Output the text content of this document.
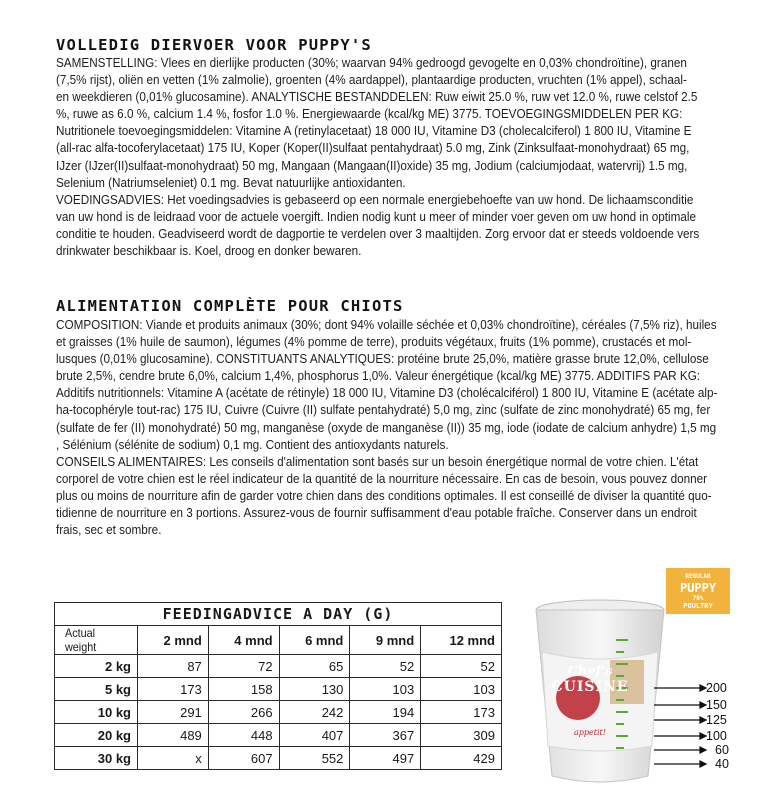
VOLLEDIG DIERVOER VOOR PUPPY'S

SAMENSTELLING: Vlees en dierlijke producten (30%; waarvan 94% gedroogd gevogelte en 0,03% chondroïtine), granen

(7,5% rijst), oliën en vetten (1% zalmolie), groenten (4% aardappel), plantaardige producten, vruchten (1% appel), schaal-

en weekdieren (0,01% glucosamine). ANALYTISCHE BESTANDDELEN: Ruw eiwit 25.0 %, ruw vet 12.0 %, ruwe celstof 2.5

%, ruwe as 6.0 %, calcium 1.4 %, fosfor 1.0 %. Energiewaarde (kcal/kg ME) 3775. TOEVOEGINGSMIDDELEN PER KG:

Nutritionele toevoegingsmiddelen: Vitamine A (retinylacetaat) 18 000 IU, Vitamine D3 (cholecalciferol) 1 800 IU, Vitamine E

(all-rac alfa-tocoferylacetaat) 175 IU, Koper (Koper(II)sulfaat pentahydraat) 5.0 mg, Zink (Zinksulfaat-monohydraat) 65 mg,

IJzer (IJzer(II)sulfaat-monohydraat) 50 mg, Mangaan (Mangaan(II)oxide) 35 mg, Jodium (calciumjodaat, watervrij) 1.5 mg,

Selenium (Natriumseleniet) 0.1 mg. Bevat natuurlijke antioxidanten.

VOEDINGSADVIES: Het voedingsadvies is gebaseerd op een normale energiebehoefte van uw hond. De lichaamsconditie

van uw hond is de leidraad voor de actuele voergift. Indien nodig kunt u meer of minder voer geven om uw hond in optimale

conditie te houden. Geadviseerd wordt de dagportie te verdelen over 3 maaltijden. Zorg ervoor dat er steeds voldoende vers

drinkwater beschikbaar is. Koel, droog en donker bewaren.

ALIMENTATION COMPLÈTE POUR CHIOTS

COMPOSITION: Viande et produits animaux (30%; dont 94% volaille séchée et 0,03% chondroïtine), céréales (7,5% riz), huiles

et graisses (1% huile de saumon), légumes (4% pomme de terre), produits végétaux, fruits (1% pomme), crustacés et mol-

lusques (0,01% glucosamine). CONSTITUANTS ANALYTIQUES: protéine brute 25,0%, matière grasse brute 12,0%, cellulose

brute 2,5%, cendre brute 6,0%, calcium 1,4%, phosphorus 1,0%. Valeur énergétique (kcal/kg ME) 3775. ADDITIFS PAR KG:

Additifs nutritionnels: Vitamine A (acétate de rétinyle) 18 000 IU, Vitamine D3 (cholécalciférol) 1 800 IU, Vitamine E (acétate alp-

ha-tocophéryle tout-rac) 175 IU, Cuivre (Cuivre (II) sulfate pentahydraté) 5,0 mg, zinc (sulfate de zinc monohydraté) 65 mg, fer

(sulfate de fer (II) monohydraté) 50 mg, manganèse (oxyde de manganèse (II)) 35 mg, iode (iodate de calcium anhydre) 1,5 mg

, Sélénium (sélénite de sodium) 0,1 mg. Contient des antioxydants naturels.

CONSEILS ALIMENTAIRES: Les conseils d'alimentation sont basés sur un besoin énergétique normal de votre chien. L'état

corporel de votre chien est le réel indicateur de la quantité de la nourriture nécessaire. En cas de besoin, vous pouvez donner

plus ou moins de nourriture afin de garder votre chien dans des conditions optimales. Il est conseillé de diviser la quantité quo-

tidienne de nourriture en 3 portions. Assurez-vous de fournir suffisamment d'eau potable fraîche. Conserver dans un endroit

frais, sec et sombre.

FEEDINGADVICE A DAY (G)					
Actual weight	2 mnd	4 mnd	6 mnd	9 mnd	12 mnd
2 kg	87	72	65	52	52
5 kg	173	158	130	103	103
10 kg	291	266	242	194	173
20 kg	489	448	407	367	309
30 kg	x	607	552	497	429
Chef's
CUISINE
appetit!
REGULAR
PUPPY
70%
POULTRY
200
150
125
100
60
40
